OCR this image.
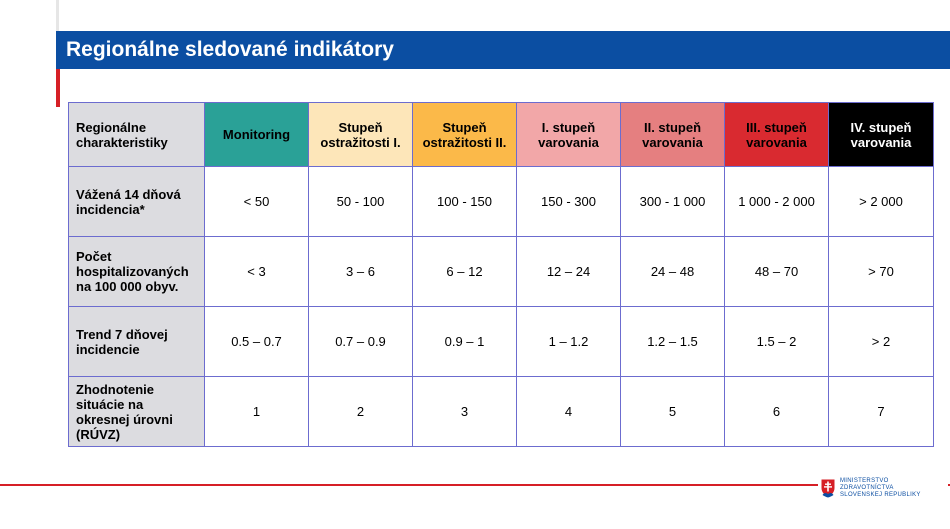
Regionálne sledované indikátory
Regionálne charakteristiky	Monitoring	Stupeň ostražitosti I.	Stupeň ostražitosti II.	I. stupeň varovania	II. stupeň varovania	III. stupeň varovania	IV. stupeň varovania
Vážená 14 dňová incidencia*	< 50	50 - 100	100 - 150	150 - 300	300 - 1 000	1 000 - 2 000	> 2 000
Počet hospitalizovaných na 100 000 obyv.	< 3	3 – 6	6 – 12	12 – 24	24 – 48	48 – 70	> 70
Trend 7 dňovej incidencie	0.5 – 0.7	0.7 – 0.9	0.9 – 1	1 – 1.2	1.2 – 1.5	1.5 – 2	> 2
Zhodnotenie situácie na okresnej úrovni (RÚVZ)	1	2	3	4	5	6	7
MINISTERSTVO
ZDRAVOTNÍCTVA
SLOVENSKEJ REPUBLIKY
